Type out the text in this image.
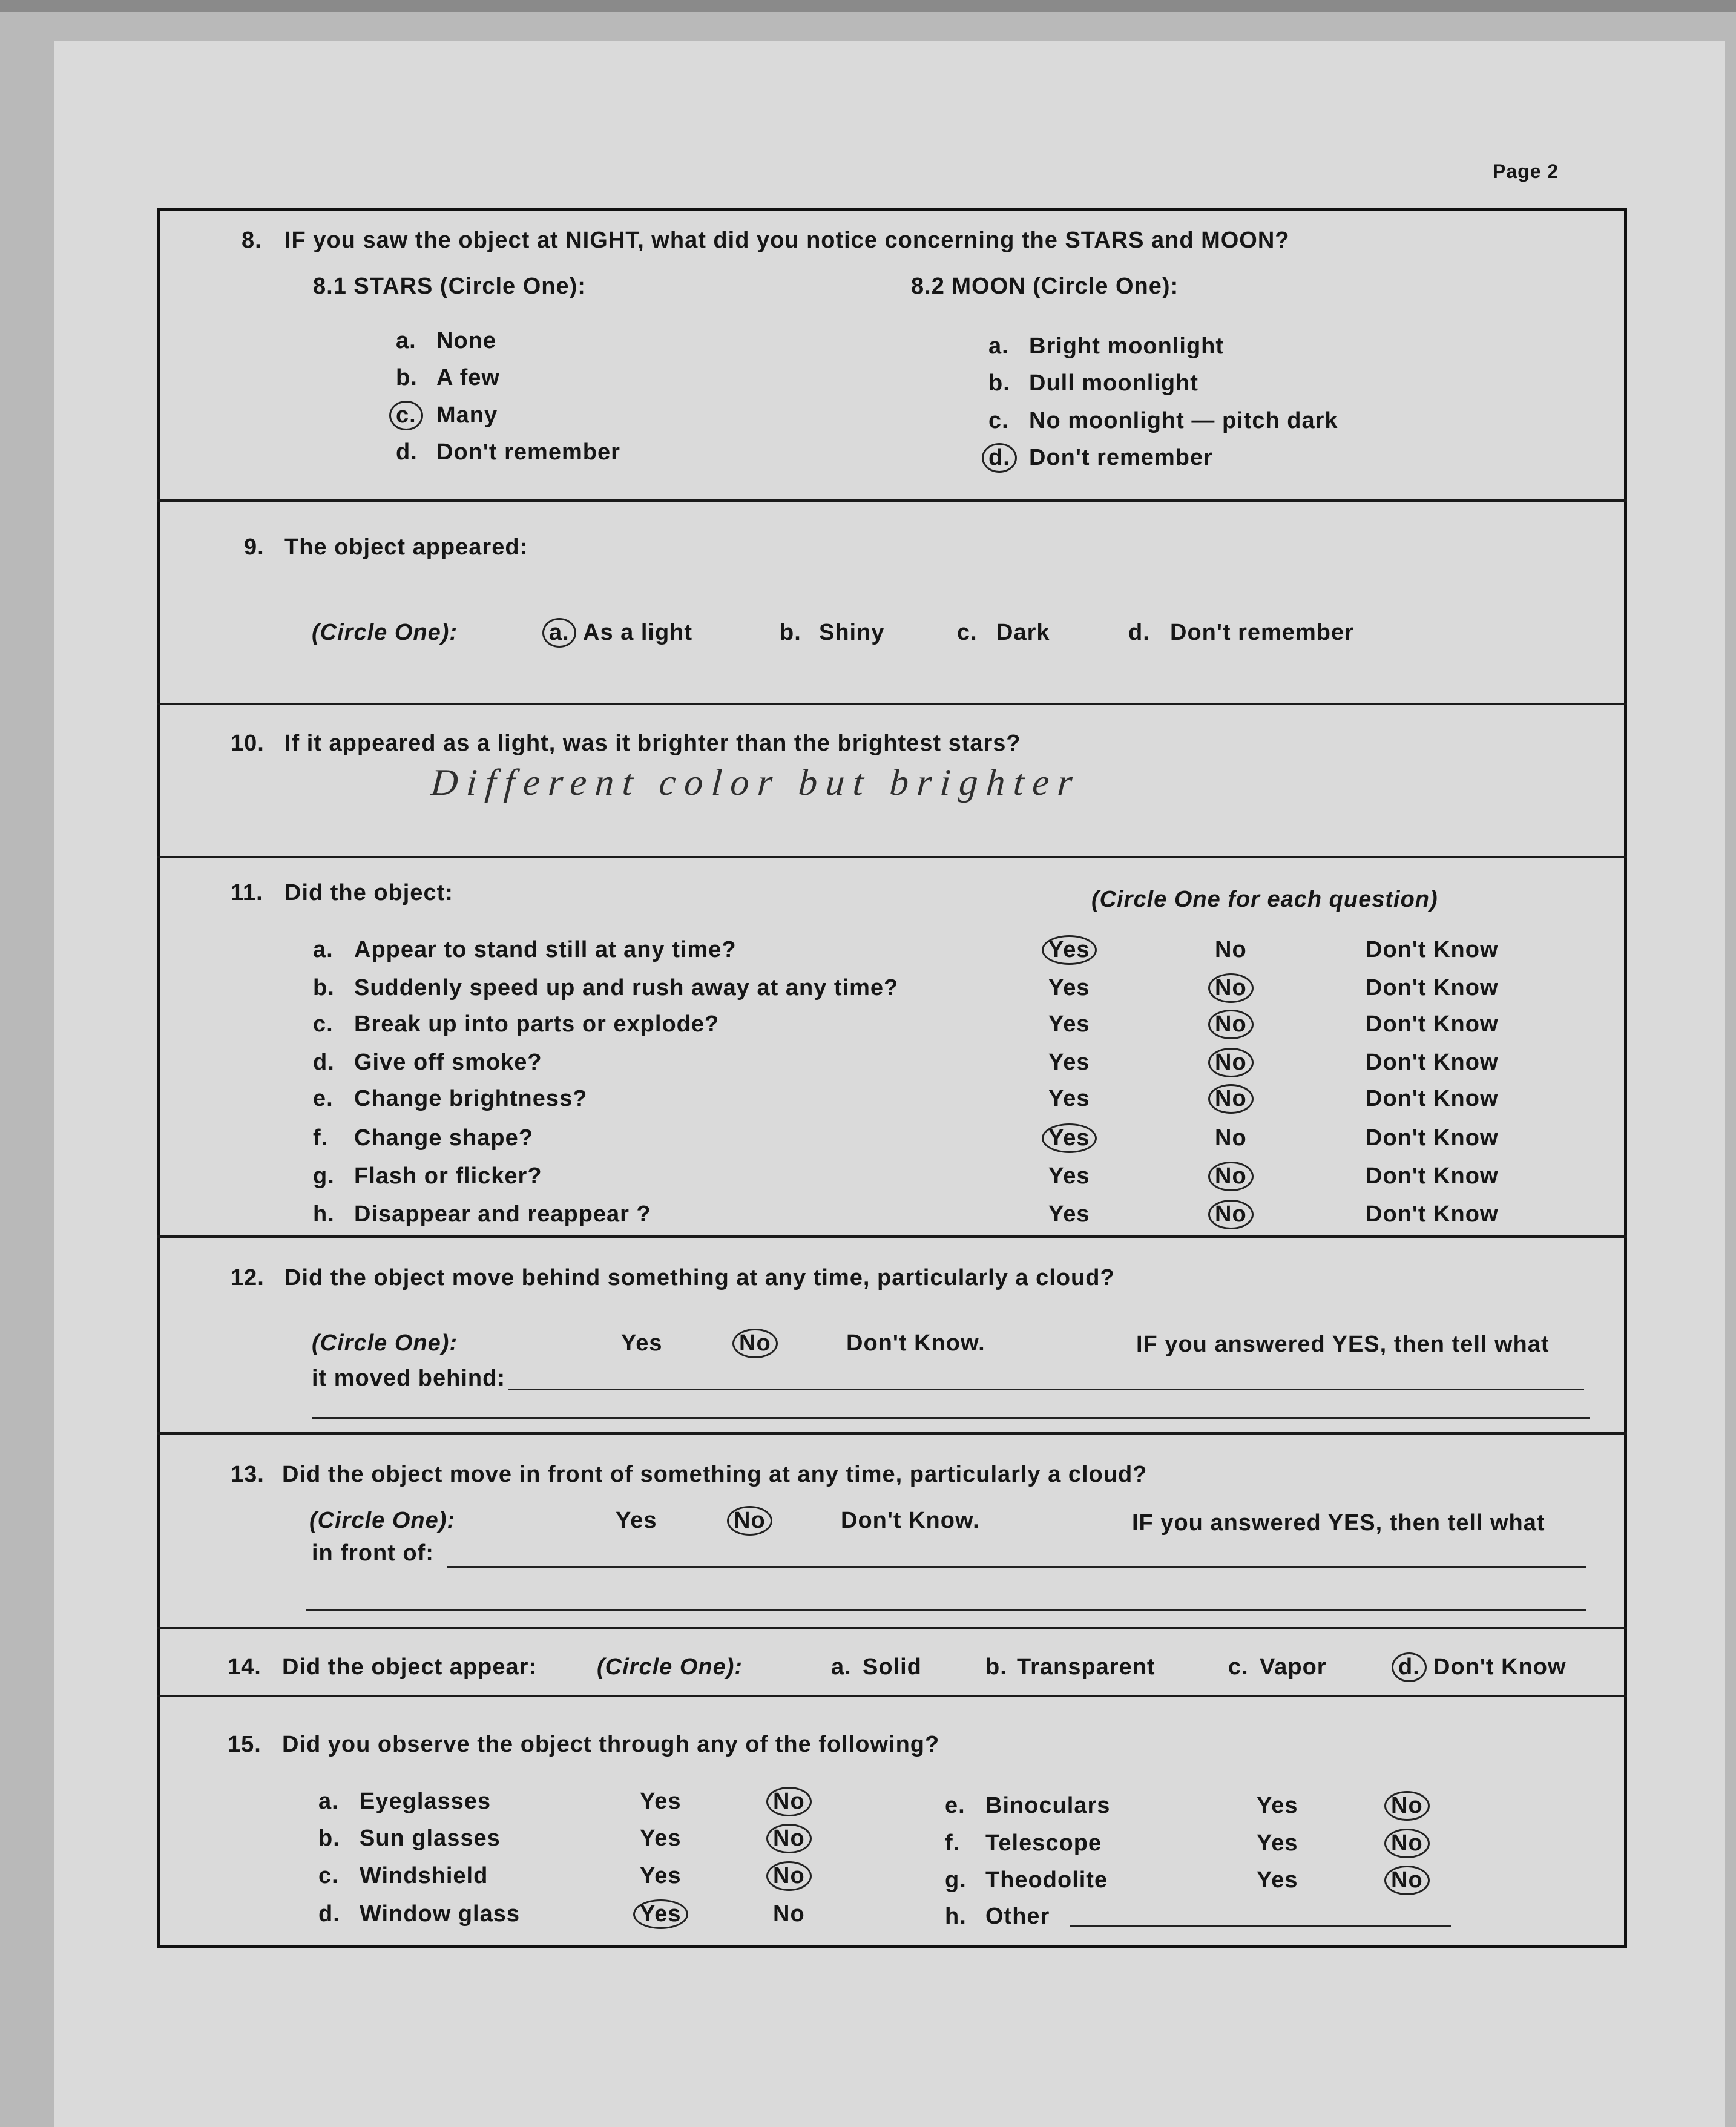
Page 2
8. IF you saw the object at NIGHT, what did you notice concerning the STARS and MOON?
8.1 STARS (Circle One):	8.2 MOON (Circle One):
a. None
b. A few
c. Many
d. Don't remember
a. Bright moonlight
b. Dull moonlight
c. No moonlight — pitch dark
d. Don't remember
9. The object appeared:
(Circle One):	a. As a light	b. Shiny	c. Dark	d. Don't remember
10. If it appeared as a light, was it brighter than the brightest stars?
Different color but brighter
11. Did the object:	(Circle One for each question)
a. Appear to stand still at any time?	Yes	No	Don't Know
b. Suddenly speed up and rush away at any time?	Yes	No	Don't Know
c. Break up into parts or explode?	Yes	No	Don't Know
d. Give off smoke?	Yes	No	Don't Know
e. Change brightness?	Yes	No	Don't Know
f. Change shape?	Yes	No	Don't Know
g. Flash or flicker?	Yes	No	Don't Know
h. Disappear and reappear ?	Yes	No	Don't Know
12. Did the object move behind something at any time, particularly a cloud?
(Circle One):	Yes	No	Don't Know.	IF you answered YES, then tell what
it moved behind:
13. Did the object move in front of something at any time, particularly a cloud?
(Circle One):	Yes	No	Don't Know.	IF you answered YES, then tell what
in front of:
14. Did the object appear:	(Circle One):	a. Solid	b. Transparent	c. Vapor	d. Don't Know
15. Did you observe the object through any of the following?
a. Eyeglasses	Yes	No
b. Sun glasses	Yes	No
c. Windshield	Yes	No
d. Window glass	Yes	No
e. Binoculars	Yes	No
f. Telescope	Yes	No
g. Theodolite	Yes	No
h. Other
